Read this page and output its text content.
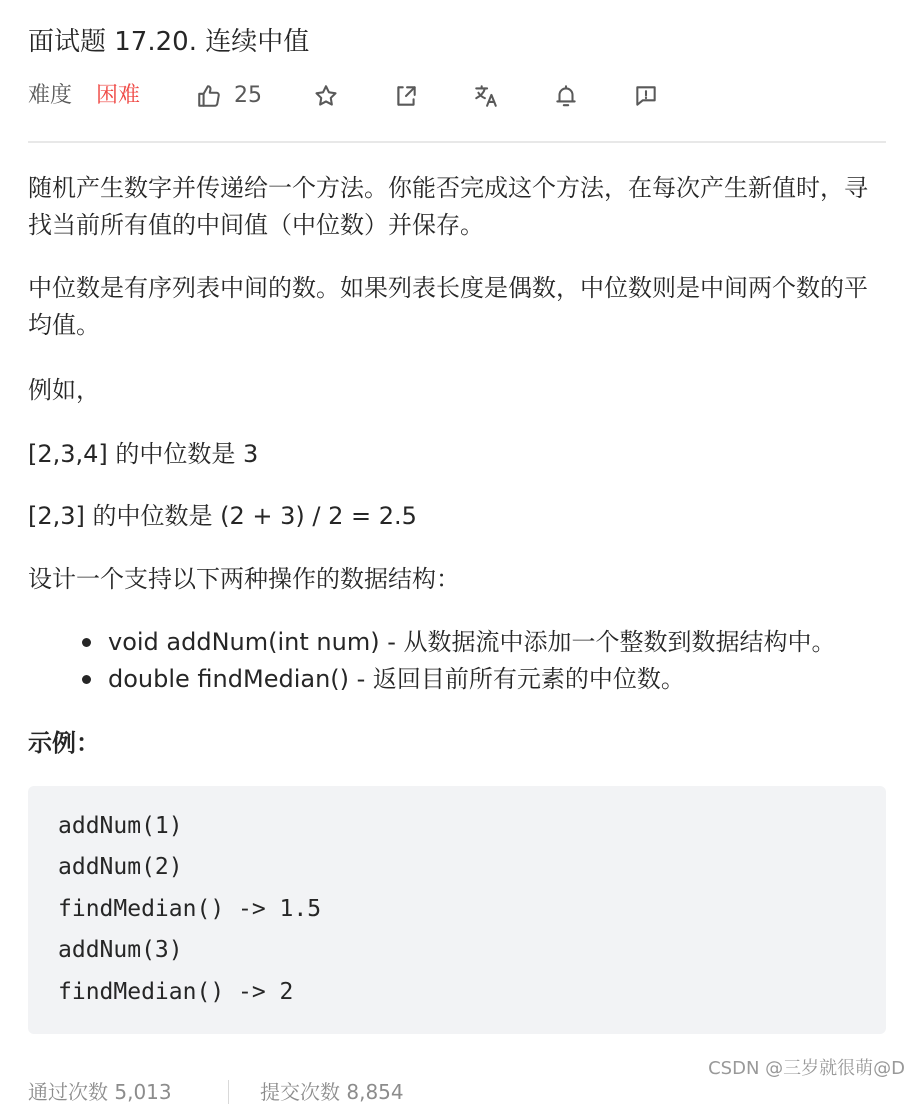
面试题 17.20. 连续中值
难度 困难	25

随机产生数字并传递给一个方法。你能否完成这个方法，在每次产生新值时，寻找当前所有值的中间值（中位数）并保存。

中位数是有序列表中间的数。如果列表长度是偶数，中位数则是中间两个数的平均值。

例如，

[2,3,4] 的中位数是 3

[2,3] 的中位数是 (2 + 3) / 2 = 2.5

设计一个支持以下两种操作的数据结构：

void addNum(int num) - 从数据流中添加一个整数到数据结构中。
double findMedian() - 返回目前所有元素的中位数。
示例：
addNum(1)
addNum(2)
findMedian() -> 1.5
addNum(3)
findMedian() -> 2
通过次数 5,013	提交次数 8,854
CSDN @三岁就很萌@D
